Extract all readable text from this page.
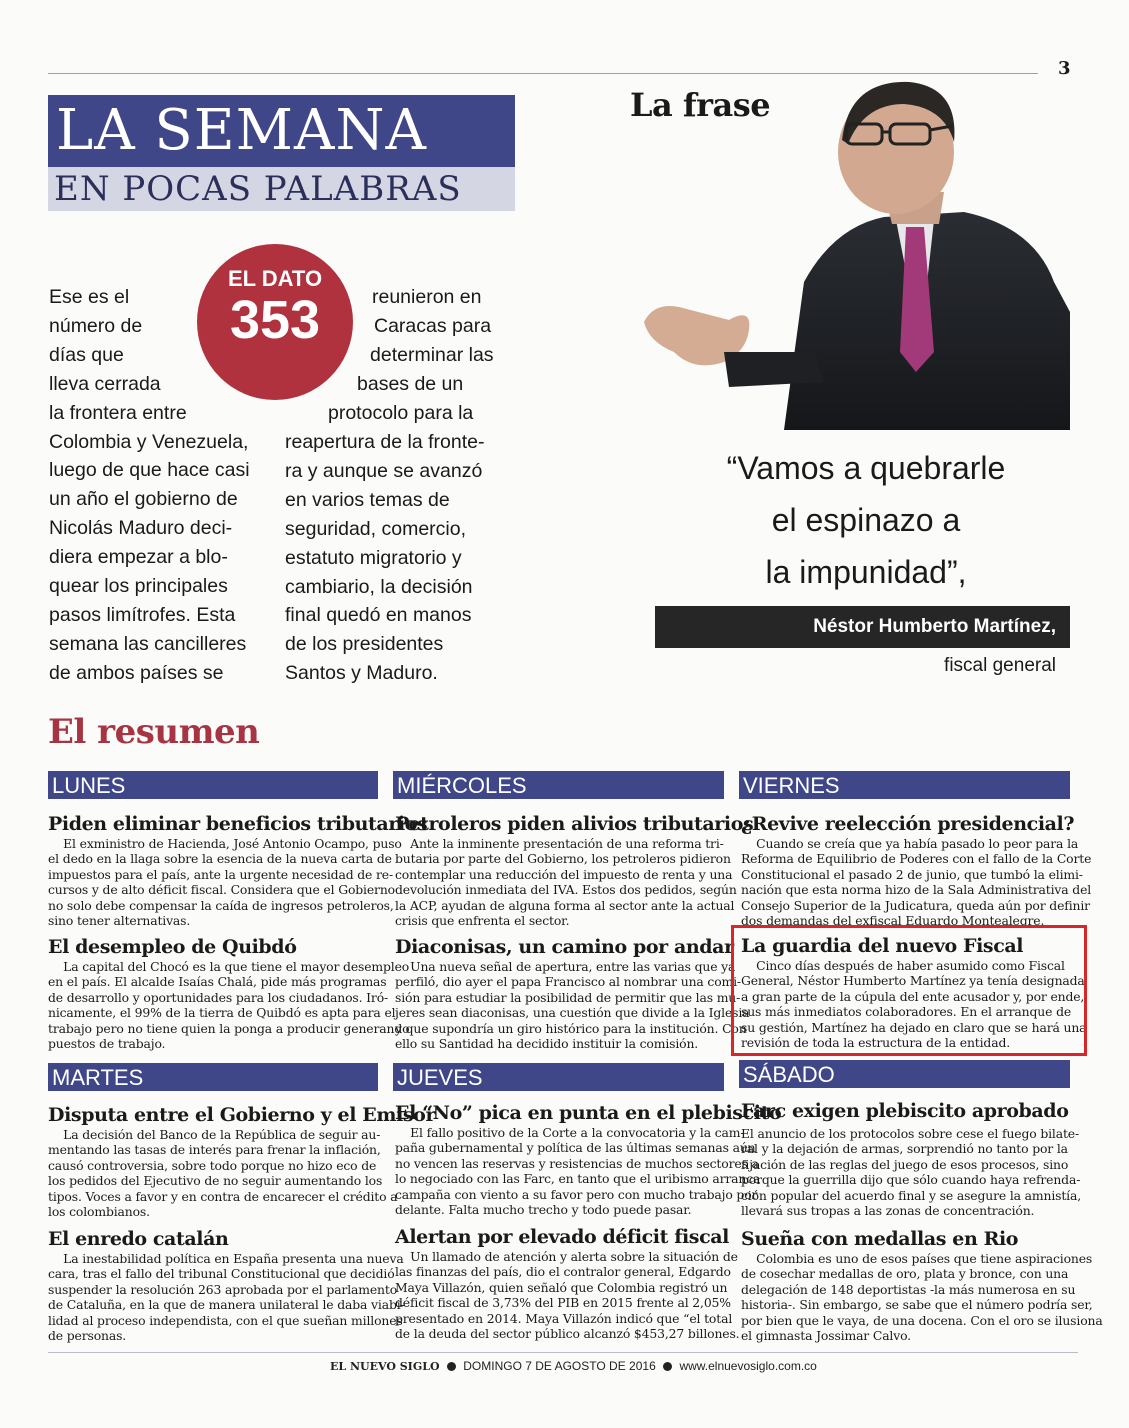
3
LA SEMANA
EN POCAS PALABRAS
EL DATO
353
Ese es el
número de
días que
lleva cerrada
la frontera entre
Colombia y Venezuela,
luego de que hace casi
un año el gobierno de
Nicolás Maduro deci-
diera empezar a blo-
quear los principales
pasos limítrofes. Esta
semana las cancilleres
de ambos países se
reunieron en
Caracas para
determinar las
bases de un
protocolo para la
reapertura de la fronte-
ra y aunque se avanzó
en varios temas de
seguridad, comercio,
estatuto migratorio y
cambiario, la decisión
final quedó en manos
de los presidentes
Santos y Maduro.
La frase
“Vamos a quebrarle
el espinazo a
la impunidad”,
Néstor Humberto Martínez,
fiscal general
El resumen
LUNES
Piden eliminar beneficios tributarios
El exministro de Hacienda, José Antonio Ocampo, puso
el dedo en la llaga sobre la esencia de la nueva carta de
impuestos para el país, ante la urgente necesidad de re-
cursos y de alto déficit fiscal. Considera que el Gobierno
no solo debe compensar la caída de ingresos petroleros,
sino tener alternativas.
El desempleo de Quibdó
La capital del Chocó es la que tiene el mayor desempleo
en el país. El alcalde Isaías Chalá, pide más programas
de desarrollo y oportunidades para los ciudadanos. Iró-
nicamente, el 99% de la tierra de Quibdó es apta para el
trabajo pero no tiene quien la ponga a producir generando
puestos de trabajo.
MARTES
Disputa entre el Gobierno y el Emisor
La decisión del Banco de la República de seguir au-
mentando las tasas de interés para frenar la inflación,
causó controversia, sobre todo porque no hizo eco de
los pedidos del Ejecutivo de no seguir aumentando los
tipos. Voces a favor y en contra de encarecer el crédito a
los colombianos.
El enredo catalán
La inestabilidad política en España presenta una nueva
cara, tras el fallo del tribunal Constitucional que decidió
suspender la resolución 263 aprobada por el parlamento
de Cataluña, en la que de manera unilateral le daba viabi-
lidad al proceso independista, con el que sueñan millones
de personas.
MIÉRCOLES
Petroleros piden alivios tributarios
Ante la inminente presentación de una reforma tri-
butaria por parte del Gobierno, los petroleros pidieron
contemplar una reducción del impuesto de renta y una
devolución inmediata del IVA. Estos dos pedidos, según
la ACP, ayudan de alguna forma al sector ante la actual
crisis que enfrenta el sector.
Diaconisas, un camino por andar
Una nueva señal de apertura, entre las varias que ya
perfiló, dio ayer el papa Francisco al nombrar una comi-
sión para estudiar la posibilidad de permitir que las mu-
jeres sean diaconisas, una cuestión que divide a la Iglesia
y que supondría un giro histórico para la institución. Con
ello su Santidad ha decidido instituir la comisión.
JUEVES
El “No” pica en punta en el plebiscito
El fallo positivo de la Corte a la convocatoria y la cam-
paña gubernamental y política de las últimas semanas aún
no vencen las reservas y resistencias de muchos sectores a
lo negociado con las Farc, en tanto que el uribismo arranca
campaña con viento a su favor pero con mucho trabajo por
delante. Falta mucho trecho y todo puede pasar.
Alertan por elevado déficit fiscal
Un llamado de atención y alerta sobre la situación de
las finanzas del país, dio el contralor general, Edgardo
Maya Villazón, quien señaló que Colombia registró un
déficit fiscal de 3,73% del PIB en 2015 frente al 2,05%
presentado en 2014. Maya Villazón indicó que “el total
de la deuda del sector público alcanzó $453,27 billones.
VIERNES
¿Revive reelección presidencial?
Cuando se creía que ya había pasado lo peor para la
Reforma de Equilibrio de Poderes con el fallo de la Corte
Constitucional el pasado 2 de junio, que tumbó la elimi-
nación que esta norma hizo de la Sala Administrativa del
Consejo Superior de la Judicatura, queda aún por definir
dos demandas del exfiscal Eduardo Montealegre.
La guardia del nuevo Fiscal
Cinco días después de haber asumido como Fiscal
General, Néstor Humberto Martínez ya tenía designada
a gran parte de la cúpula del ente acusador y, por ende,
sus más inmediatos colaboradores. En el arranque de
su gestión, Martínez ha dejado en claro que se hará una
revisión de toda la estructura de la entidad.
SÁBADO
Farc exigen plebiscito aprobado
El anuncio de los protocolos sobre cese el fuego bilate-
ral y la dejación de armas, sorprendió no tanto por la
fijación de las reglas del juego de esos procesos, sino
porque la guerrilla dijo que sólo cuando haya refrenda-
ción popular del acuerdo final y se asegure la amnistía,
llevará sus tropas a las zonas de concentración.
Sueña con medallas en Rio
Colombia es uno de esos países que tiene aspiraciones
de cosechar medallas de oro, plata y bronce, con una
delegación de 148 deportistas -la más numerosa en su
historia-. Sin embargo, se sabe que el número podría ser,
por bien que le vaya, de una docena. Con el oro se ilusiona
el gimnasta Jossimar Calvo.
EL NUEVO SIGLO DOMINGO 7 DE AGOSTO DE 2016 www.elnuevosiglo.com.co
